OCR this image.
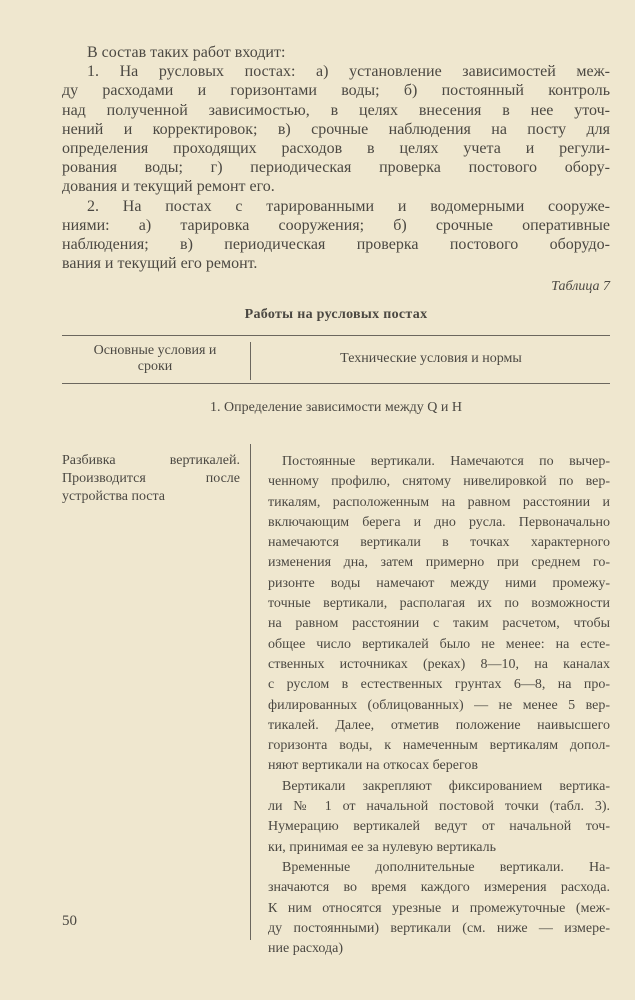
В состав таких работ входит:
1. На русловых постах: а) установление зависимостей меж-
ду расходами и горизонтами воды; б) постоянный контроль
над полученной зависимостью, в целях внесения в нее уточ-
нений и корректировок; в) срочные наблюдения на посту для
определения проходящих расходов в целях учета и регули-
рования воды; г) периодическая проверка постового обору-
дования и текущий ремонт его.
2. На постах с тарированными и водомерными сооруже-
ниями: а) тарировка сооружения; б) срочные оперативные
наблюдения; в) периодическая проверка постового оборудо-
вания и текущий его ремонт.
Таблица 7
Работы на русловых постах
Основные условия и
сроки
Технические условия и нормы
1. Определение зависимости между Q и H
Разбивка вертикалей.
Производится после
устройства поста
Постоянные вертикали. Намечаются по вычер-
ченному профилю, снятому нивелировкой по вер-
тикалям, расположенным на равном расстоянии и
включающим берега и дно русла. Первоначально
намечаются вертикали в точках характерного
изменения дна, затем примерно при среднем го-
ризонте воды намечают между ними промежу-
точные вертикали, располагая их по возможности
на равном расстоянии с таким расчетом, чтобы
общее число вертикалей было не менее: на есте-
ственных источниках (реках) 8—10, на каналах
с руслом в естественных грунтах 6—8, на про-
филированных (облицованных) — не менее 5 вер-
тикалей. Далее, отметив положение наивысшего
горизонта воды, к намеченным вертикалям допол-
няют вертикали на откосах берегов
Вертикали закрепляют фиксированием вертика-
ли № 1 от начальной постовой точки (табл. 3).
Нумерацию вертикалей ведут от начальной точ-
ки, принимая ее за нулевую вертикаль
Временные дополнительные вертикали. На-
значаются во время каждого измерения расхода.
К ним относятся урезные и промежуточные (меж-
ду постоянными) вертикали (см. ниже — измере-
ние расхода)
50
